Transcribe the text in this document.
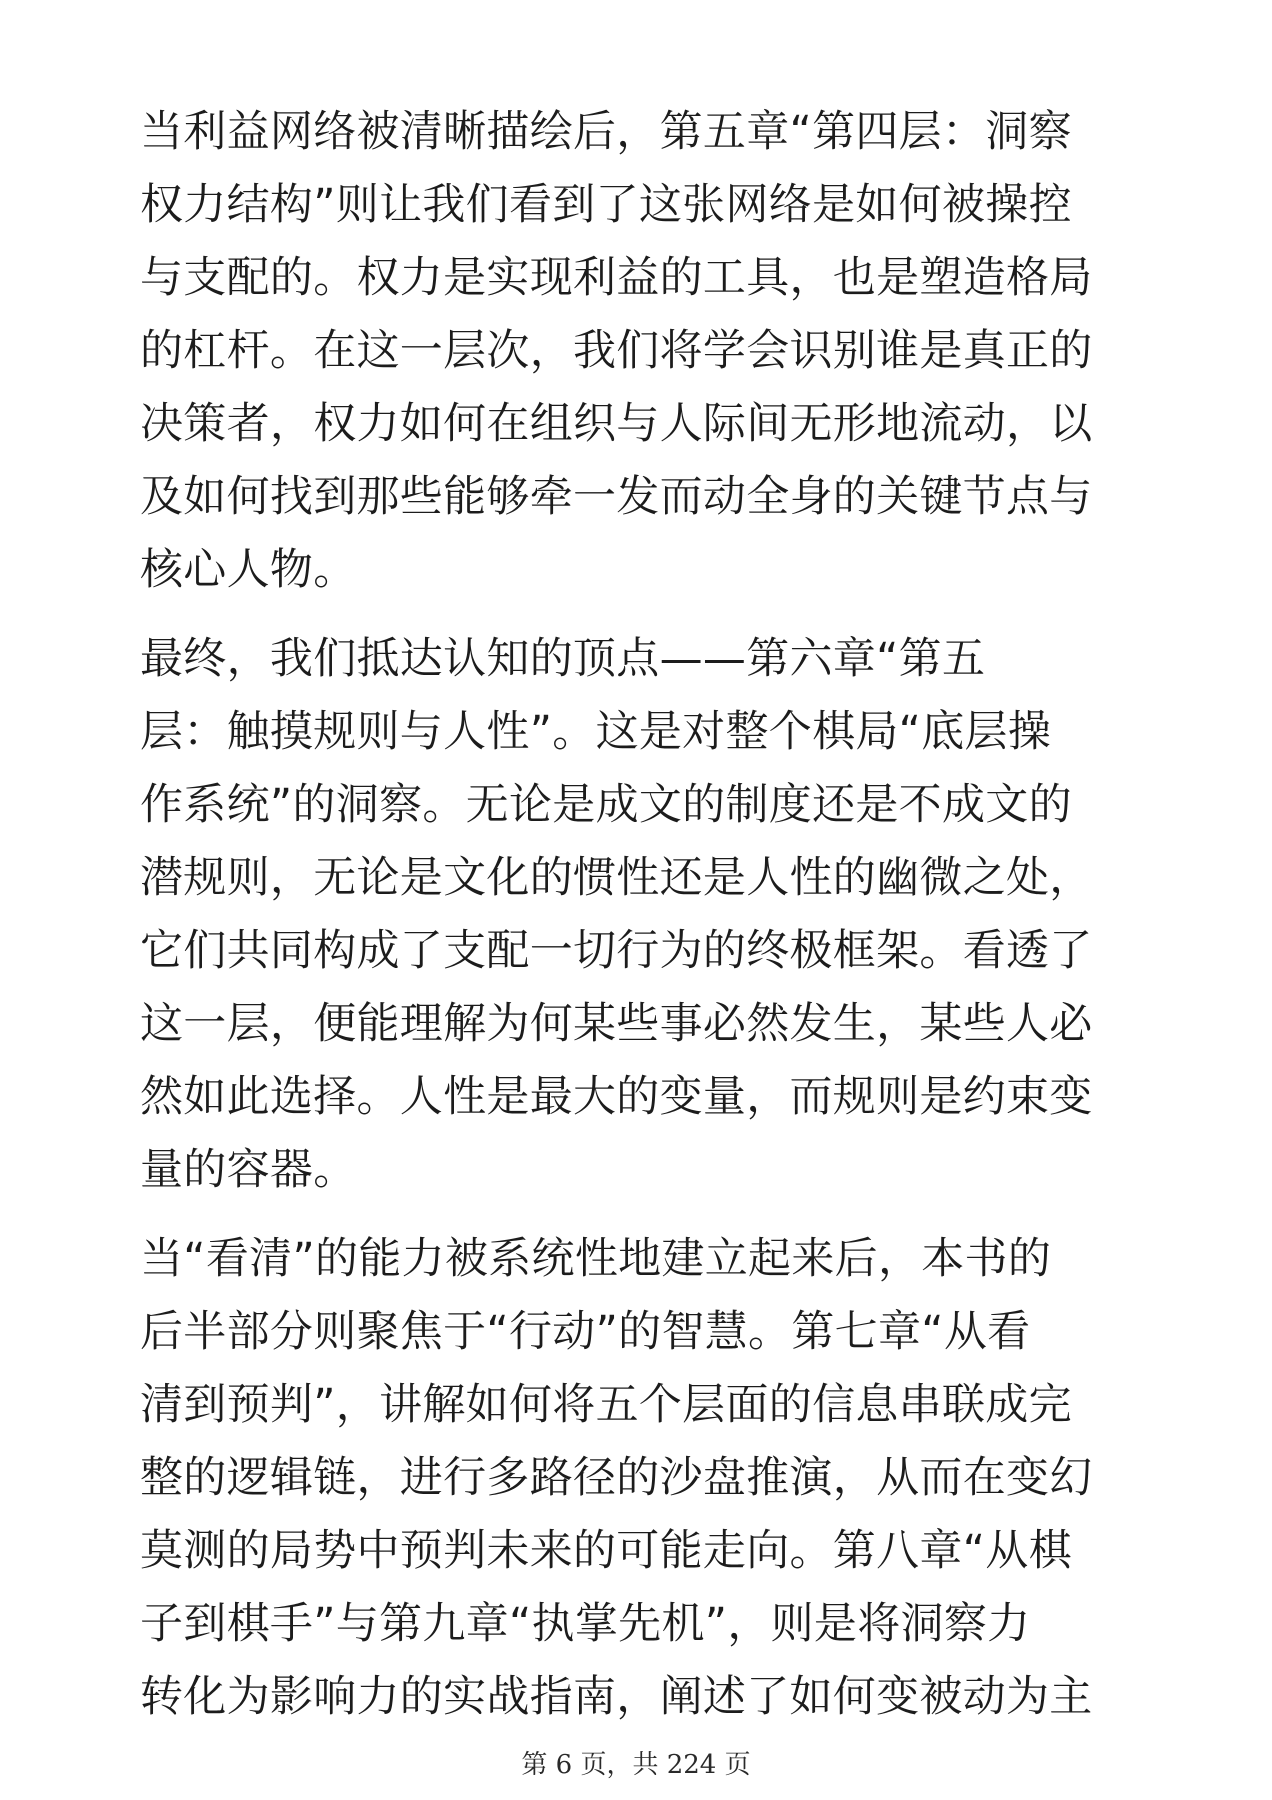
当利益网络被清晰描绘后，第五章“第四层：洞察
权力结构”则让我们看到了这张网络是如何被操控
与支配的。权力是实现利益的工具，也是塑造格局
的杠杆。在这一层次，我们将学会识别谁是真正的
决策者，权力如何在组织与人际间无形地流动，以
及如何找到那些能够牵一发而动全身的关键节点与
核心人物。

最终，我们抵达认知的顶点——第六章“第五
层：触摸规则与人性”。这是对整个棋局“底层操
作系统”的洞察。无论是成文的制度还是不成文的
潜规则，无论是文化的惯性还是人性的幽微之处，
它们共同构成了支配一切行为的终极框架。看透了
这一层，便能理解为何某些事必然发生，某些人必
然如此选择。人性是最大的变量，而规则是约束变
量的容器。

当“看清”的能力被系统性地建立起来后，本书的
后半部分则聚焦于“行动”的智慧。第七章“从看
清到预判”，讲解如何将五个层面的信息串联成完
整的逻辑链，进行多路径的沙盘推演，从而在变幻
莫测的局势中预判未来的可能走向。第八章“从棋
子到棋手”与第九章“执掌先机”，则是将洞察力
转化为影响力的实战指南，阐述了如何变被动为主

第 6 页，共 224 页
